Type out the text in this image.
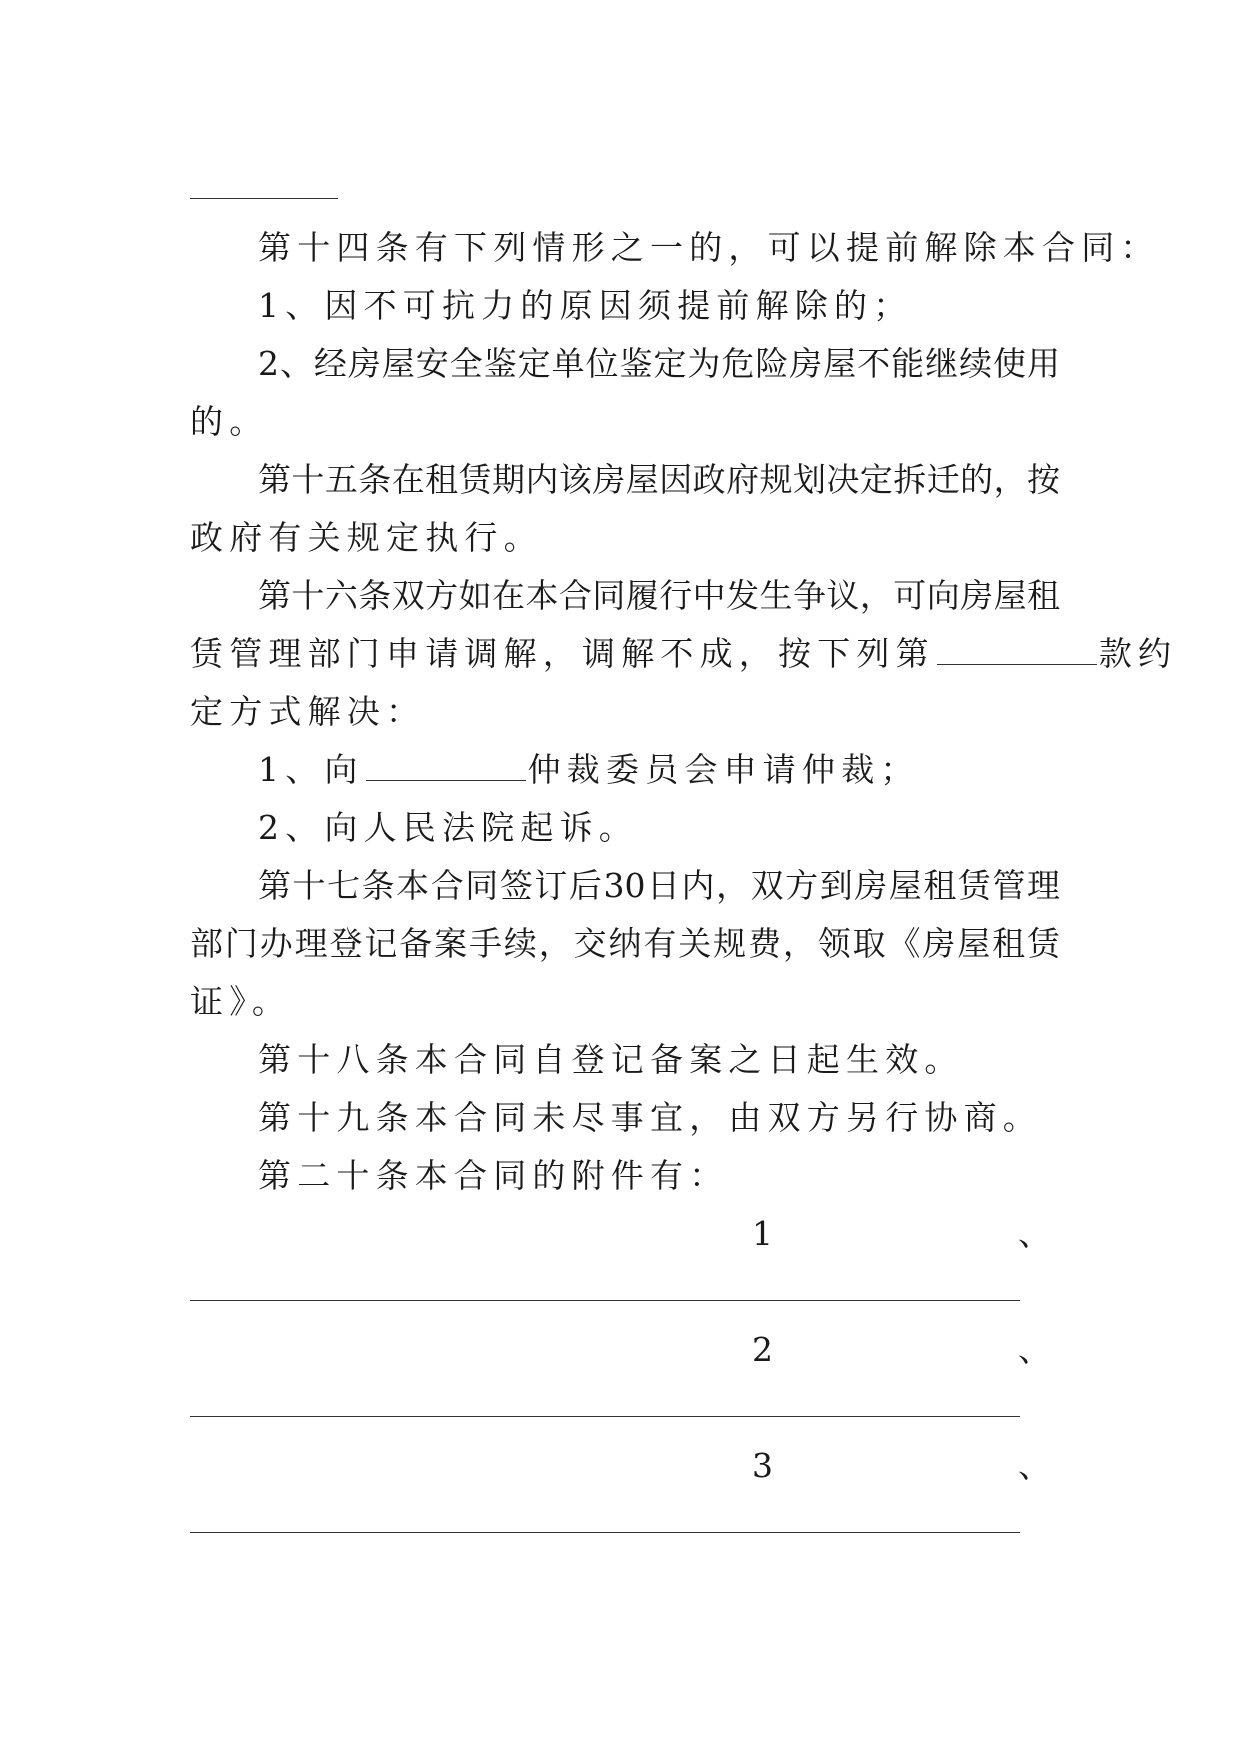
第十四条有下列情形之一的，可以提前解除本合同：
1、因不可抗力的原因须提前解除的；
2、经房屋安全鉴定单位鉴定为危险房屋不能继续使用
的。
第十五条在租赁期内该房屋因政府规划决定拆迁的，按
政府有关规定执行。
第十六条双方如在本合同履行中发生争议，可向房屋租
赁管理部门申请调解，调解不成，按下列第	款约
定方式解决：
1、向	仲裁委员会申请仲裁；
2、向人民法院起诉。
第十七条本合同签订后30日内，双方到房屋租赁管理
部门办理登记备案手续，交纳有关规费，领取《房屋租赁
证》。
第十八条本合同自登记备案之日起生效。
第十九条本合同未尽事宜，由双方另行协商。
第二十条本合同的附件有：
1	、
2	、
3	、
